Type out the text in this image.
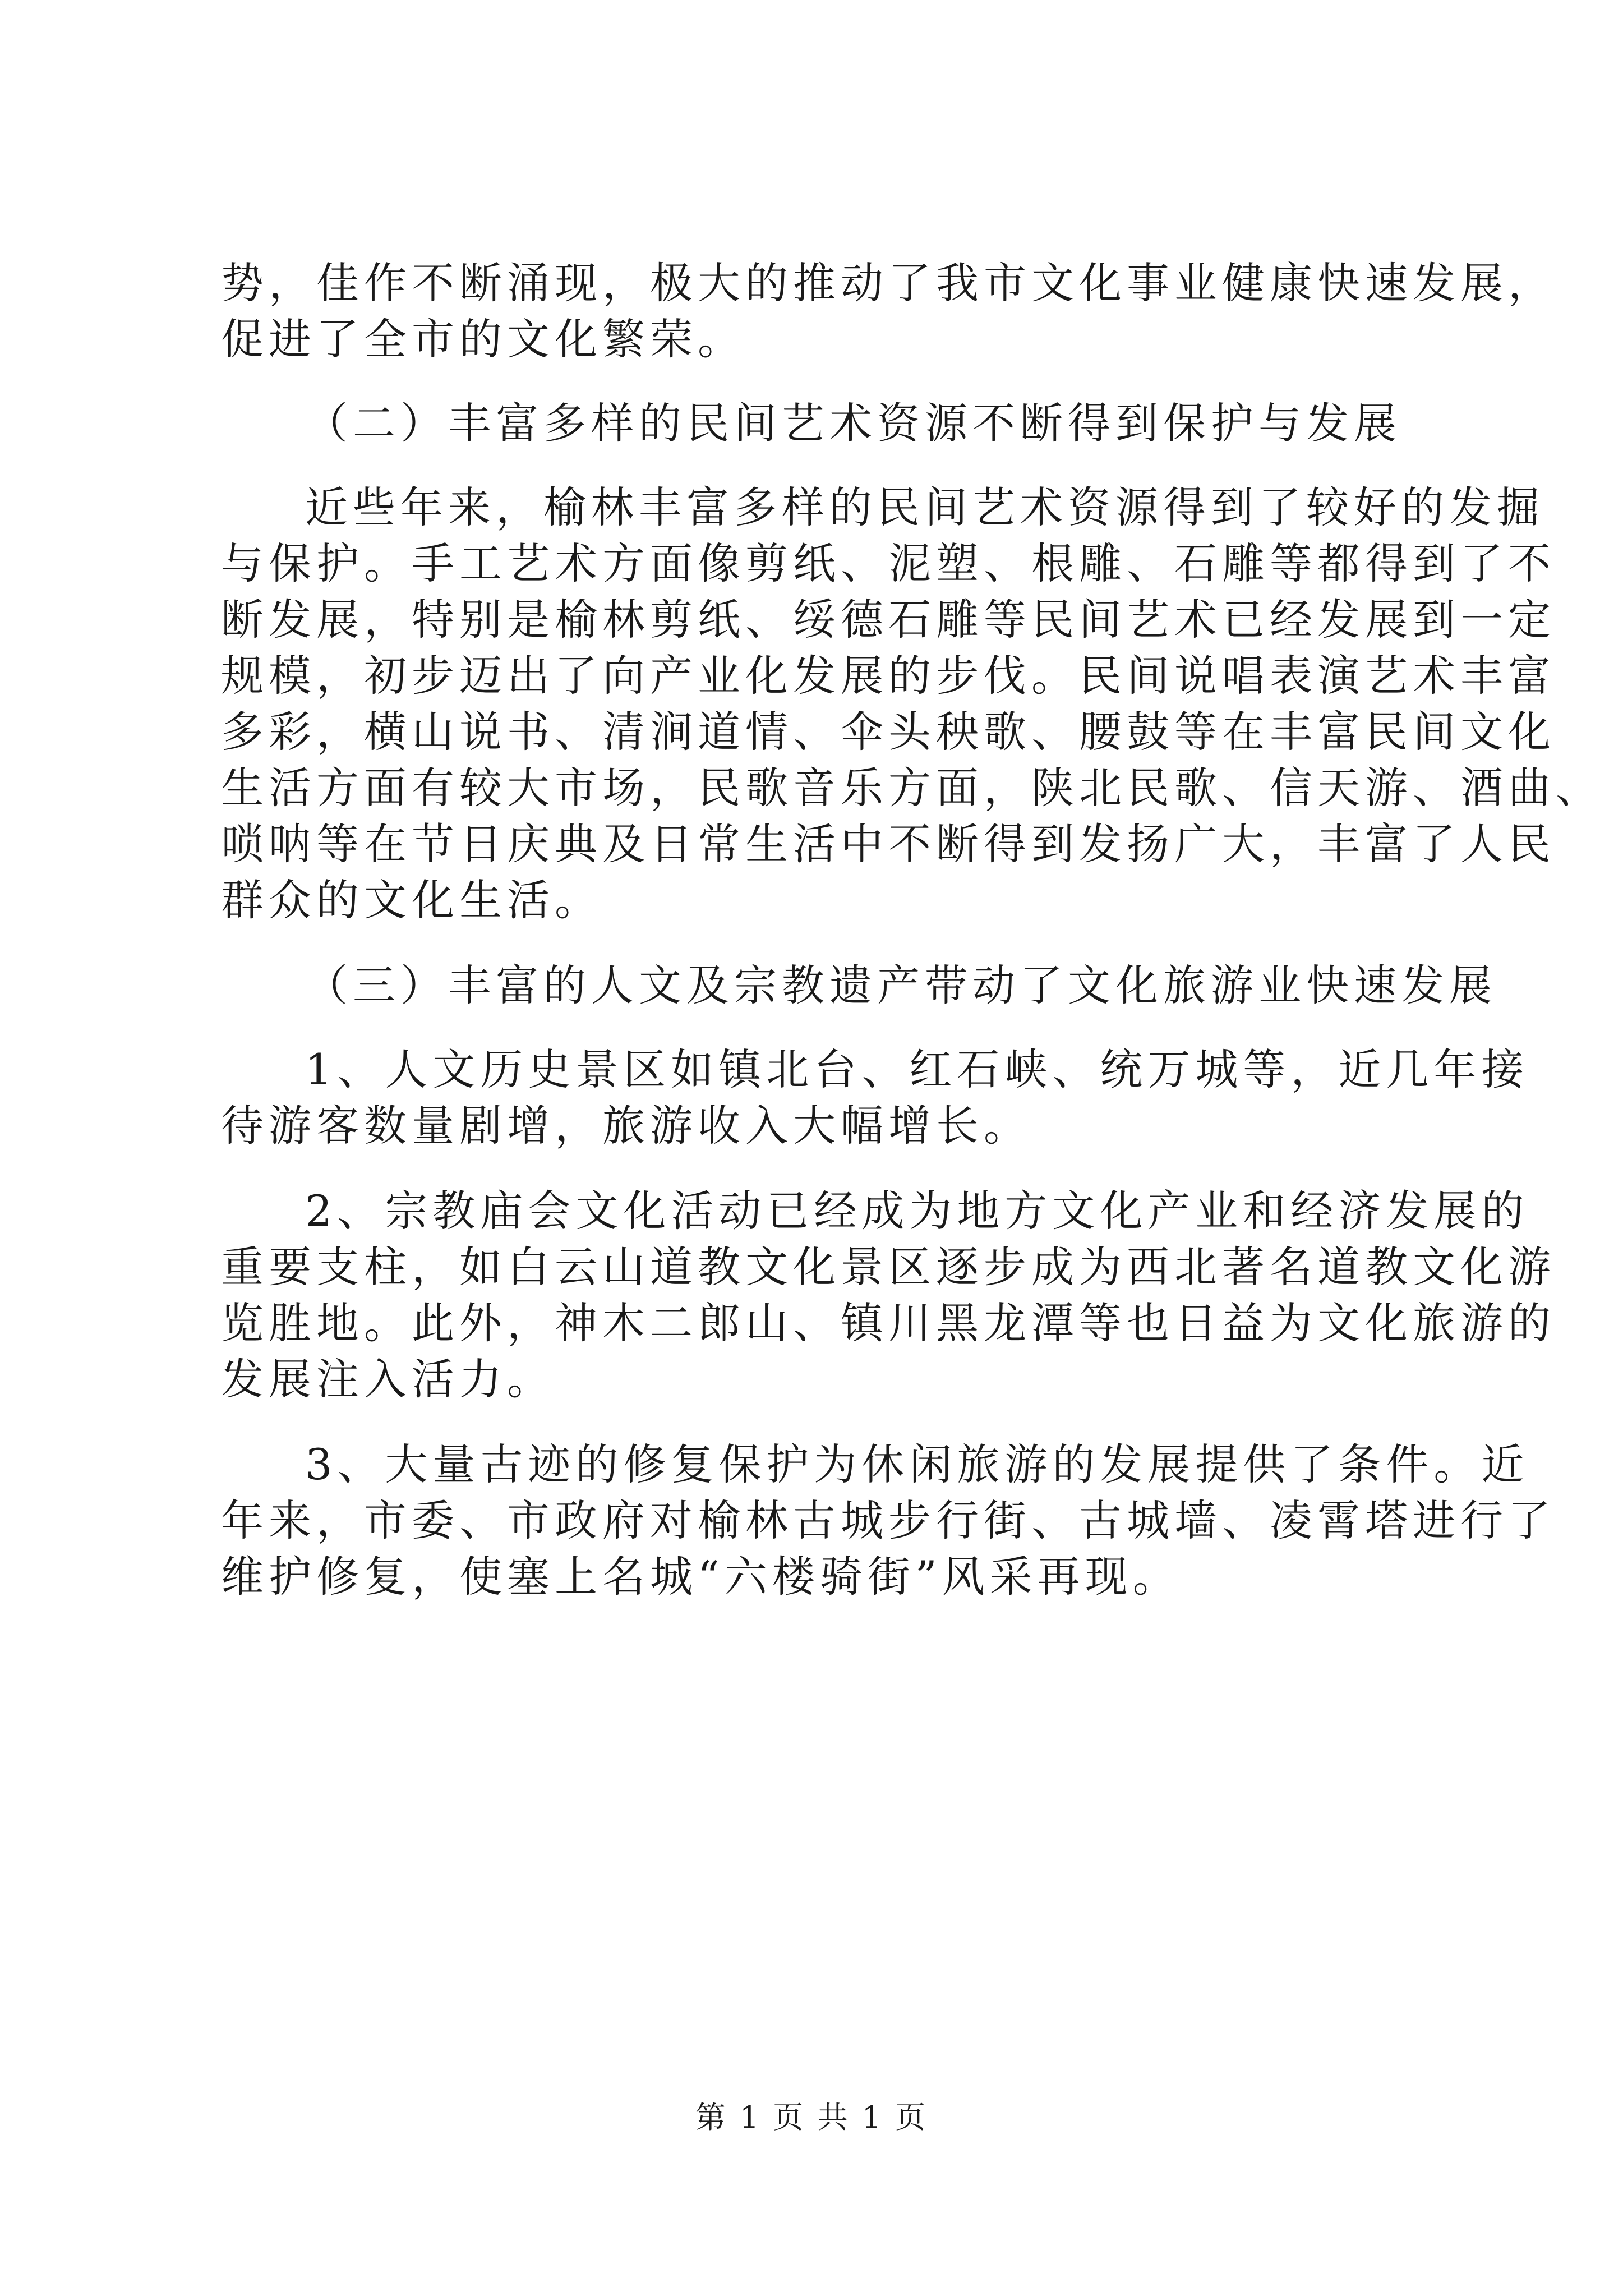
势，佳作不断涌现，极大的推动了我市文化事业健康快速发展，

促进了全市的文化繁荣。

（二）丰富多样的民间艺术资源不断得到保护与发展

近些年来，榆林丰富多样的民间艺术资源得到了较好的发掘

与保护。手工艺术方面像剪纸、泥塑、根雕、石雕等都得到了不

断发展，特别是榆林剪纸、绥德石雕等民间艺术已经发展到一定

规模，初步迈出了向产业化发展的步伐。民间说唱表演艺术丰富

多彩，横山说书、清涧道情、伞头秧歌、腰鼓等在丰富民间文化

生活方面有较大市场，民歌音乐方面，陕北民歌、信天游、酒曲、

唢呐等在节日庆典及日常生活中不断得到发扬广大，丰富了人民

群众的文化生活。

（三）丰富的人文及宗教遗产带动了文化旅游业快速发展

1、人文历史景区如镇北台、红石峡、统万城等，近几年接

待游客数量剧增，旅游收入大幅增长。

2、宗教庙会文化活动已经成为地方文化产业和经济发展的

重要支柱，如白云山道教文化景区逐步成为西北著名道教文化游

览胜地。此外，神木二郎山、镇川黑龙潭等也日益为文化旅游的

发展注入活力。

3、大量古迹的修复保护为休闲旅游的发展提供了条件。近

年来，市委、市政府对榆林古城步行街、古城墙、凌霄塔进行了

维护修复，使塞上名城“六楼骑街”风采再现。

第 1 页 共 1 页
